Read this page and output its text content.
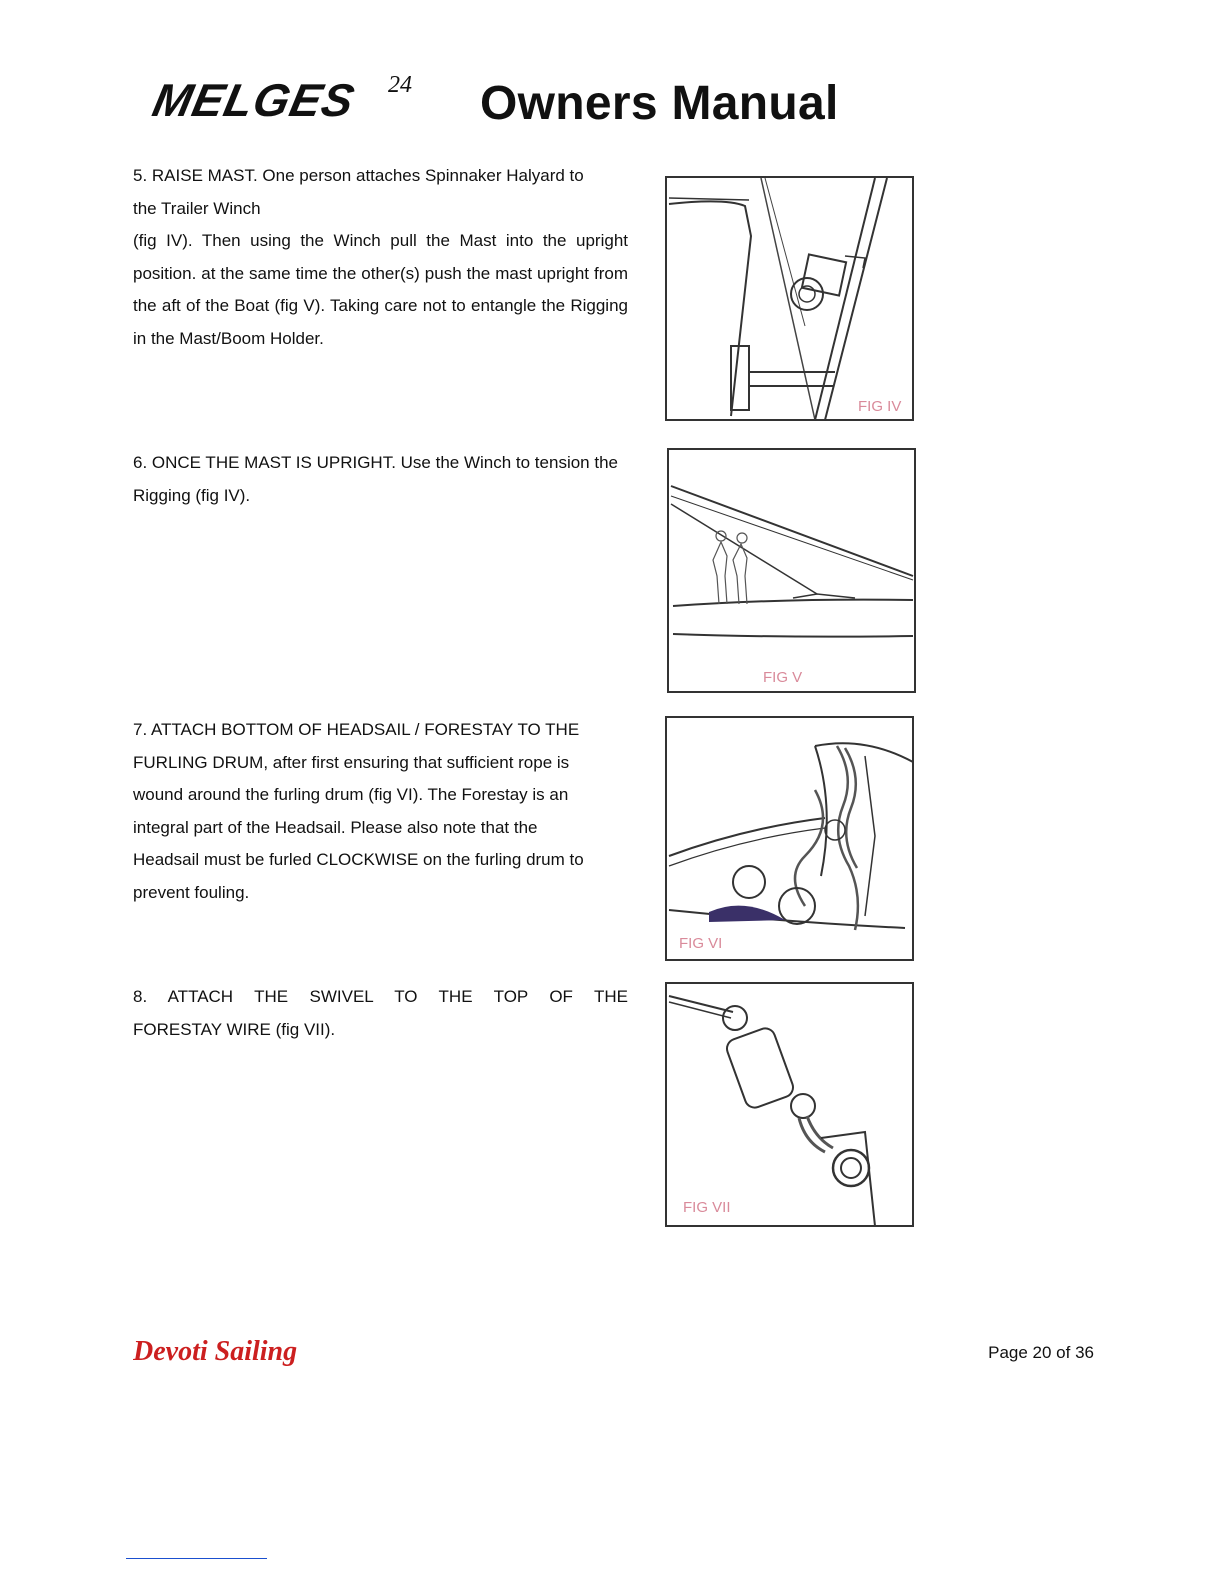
MELGES 24 Owners Manual

5. RAISE MAST. One person attaches Spinnaker Halyard to

the Trailer Winch

(fig IV). Then using the Winch pull the Mast into the upright position. at the same time the other(s) push the mast upright from the aft of the Boat (fig V). Taking care not to entangle the Rigging in the Mast/Boom Holder.

6. ONCE THE MAST IS UPRIGHT. Use the Winch to tension the Rigging (fig IV).

7. ATTACH BOTTOM OF HEADSAIL / FORESTAY TO THE

FURLING DRUM, after first ensuring that sufficient rope is

wound around the furling drum (fig VI). The Forestay is an

integral part of the Headsail. Please also note that the

Headsail must be furled CLOCKWISE on the furling drum to

prevent fouling.

8. ATTACH THE SWIVEL TO THE TOP OF THE

FORESTAY WIRE (fig VII).

FIG IV
FIG V
FIG VI
FIG VII
Devoti Sailing	Page 20 of 36
